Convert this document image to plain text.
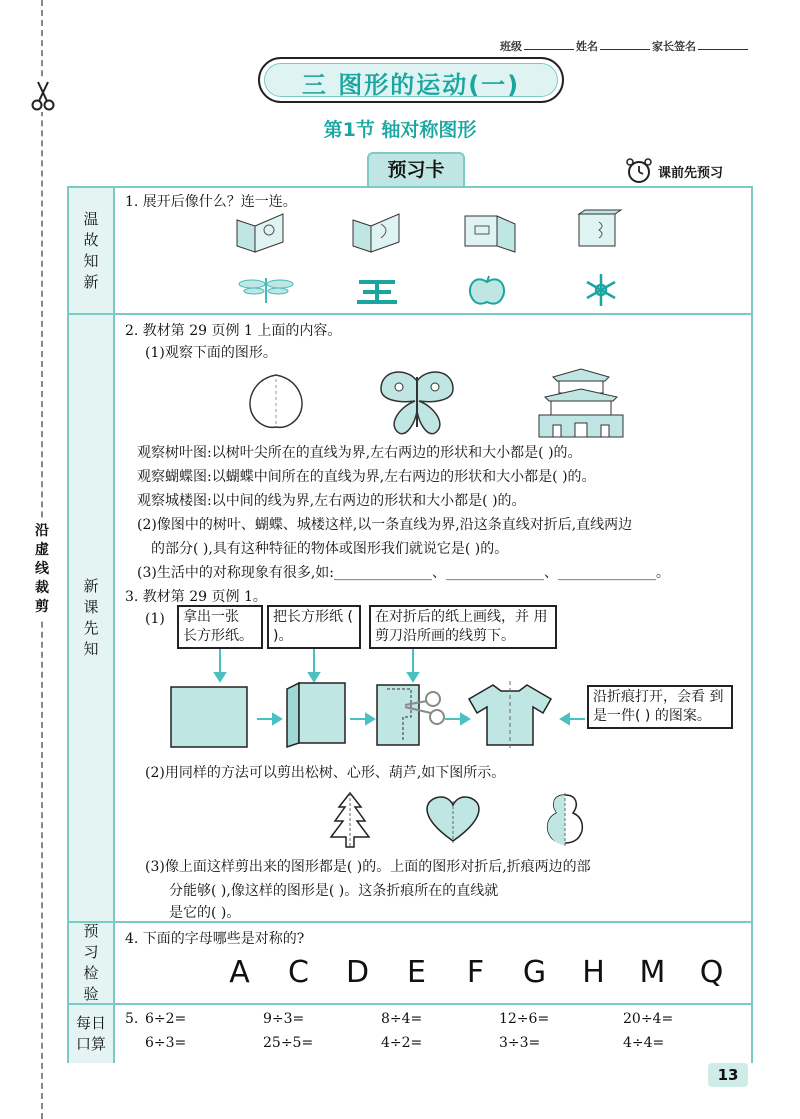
沿虚线裁剪
班级	姓名	家长签名
三 图形的运动(一)
第1节 轴对称图形
预习卡	课前先预习
温故知新
1. 展开后像什么？连一连。
新课先知
2. 教材第 29 页例 1 上面的内容。
(1)观察下面的图形。
观察树叶图:以树叶尖所在的直线为界,左右两边的形状和大小都是( )的。
观察蝴蝶图:以蝴蝶中间所在的直线为界,左右两边的形状和大小都是( )的。
观察城楼图:以中间的线为界,左右两边的形状和大小都是( )的。
(2)像图中的树叶、蝴蝶、城楼这样,以一条直线为界,沿这条直线对折后,直线两边
的部分( ),具有这种特征的物体或图形我们就说它是( )的。
(3)生活中的对称现象有很多,如:______________、______________、______________。
3. 教材第 29 页例 1。
(1)	拿出一张 长方形纸。
把长方形纸 ( )。
在对折后的纸上画线，并 用剪刀沿所画的线剪下。
沿折痕打开，会看 到是一件( ) 的图案。
(2)用同样的方法可以剪出松树、心形、葫芦,如下图所示。
(3)像上面这样剪出来的图形都是( )的。上面的图形对折后,折痕两边的部
分能够( ),像这样的图形是( )。这条折痕所在的直线就
是它的( )。
预习检验
4. 下面的字母哪些是对称的?
A	C	D	E	F	G	H	M	Q
每日口算
5. 6÷2=	9÷3=	8÷4=	12÷6=	20÷4=
6÷3=	25÷5=	4÷2=	3÷3=	4÷4=
13
